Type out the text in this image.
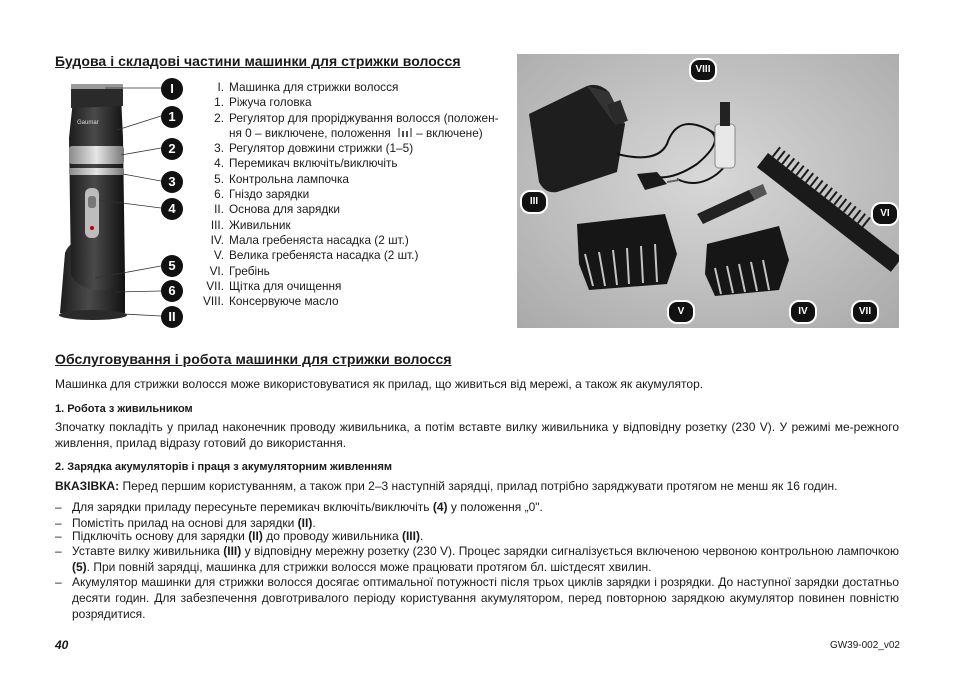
Будова і складові частини машинки для стрижки волосся
Gaumar
I
1
2
3
4
5
6
II
I. Машинка для стрижки волосся
1. Ріжуча головка
2. Регулятор для проріджування волосся (положен-ня 0 – виключене, положення – включене)
3. Регулятор довжини стрижки (1–5)
4. Перемикач включіть/виключіть
5. Контрольна лампочка
6. Гніздо зарядки
II. Основа для зарядки
III. Живильник
IV. Мала гребеняста насадка (2 шт.)
V. Велика гребеняста насадка (2 шт.)
VI. Гребінь
VII. Щітка для очищення
VIII. Консервуюче масло
VIII
III
VI
V	IV	VII
Обслуговування і робота машинки для стрижки волосся
Машинка для стрижки волосся може використовуватися як прилад, що живиться від мережі, а також як акумулятор.
1. Робота з живильником
Зпочатку покладіть у прилад наконечник проводу живильника, а потім вставте вилку живильника у відповідну розетку (230 V). У режимі ме-режного живлення, прилад відразу готовий до використання.
2. Зарядка акумуляторів і праця з акумуляторним живленням
ВКАЗІВКА: Перед першим користуванням, а також при 2–3 наступній зарядці, прилад потрібно заряджувати протягом не менш як 16 годин.
– Для зарядки приладу пересуньте перемикач включіть/виключіть (4) у положення „0".
– Помістіть прилад на основі для зарядки (II).
– Підключіть основу для зарядки (II) до проводу живильника (III).
– Уставте вилку живильника (III) у відповідну мережну розетку (230 V). Процес зарядки сигналізується включеною червоною контрольною лампочкою (5). При повній зарядці, машинка для стрижки волосся може працювати протягом бл. шістдесят хвилин.
– Акумулятор машинки для стрижки волосся досягає оптимальної потужності після трьох циклів зарядки і розрядки. До наступної зарядки достатньо десяти годин. Для забезпечення довготривалого періоду користування акумулятором, перед повторною зарядкою акумулятор повинен повністю розрядитися.
40	GW39-002_v02
